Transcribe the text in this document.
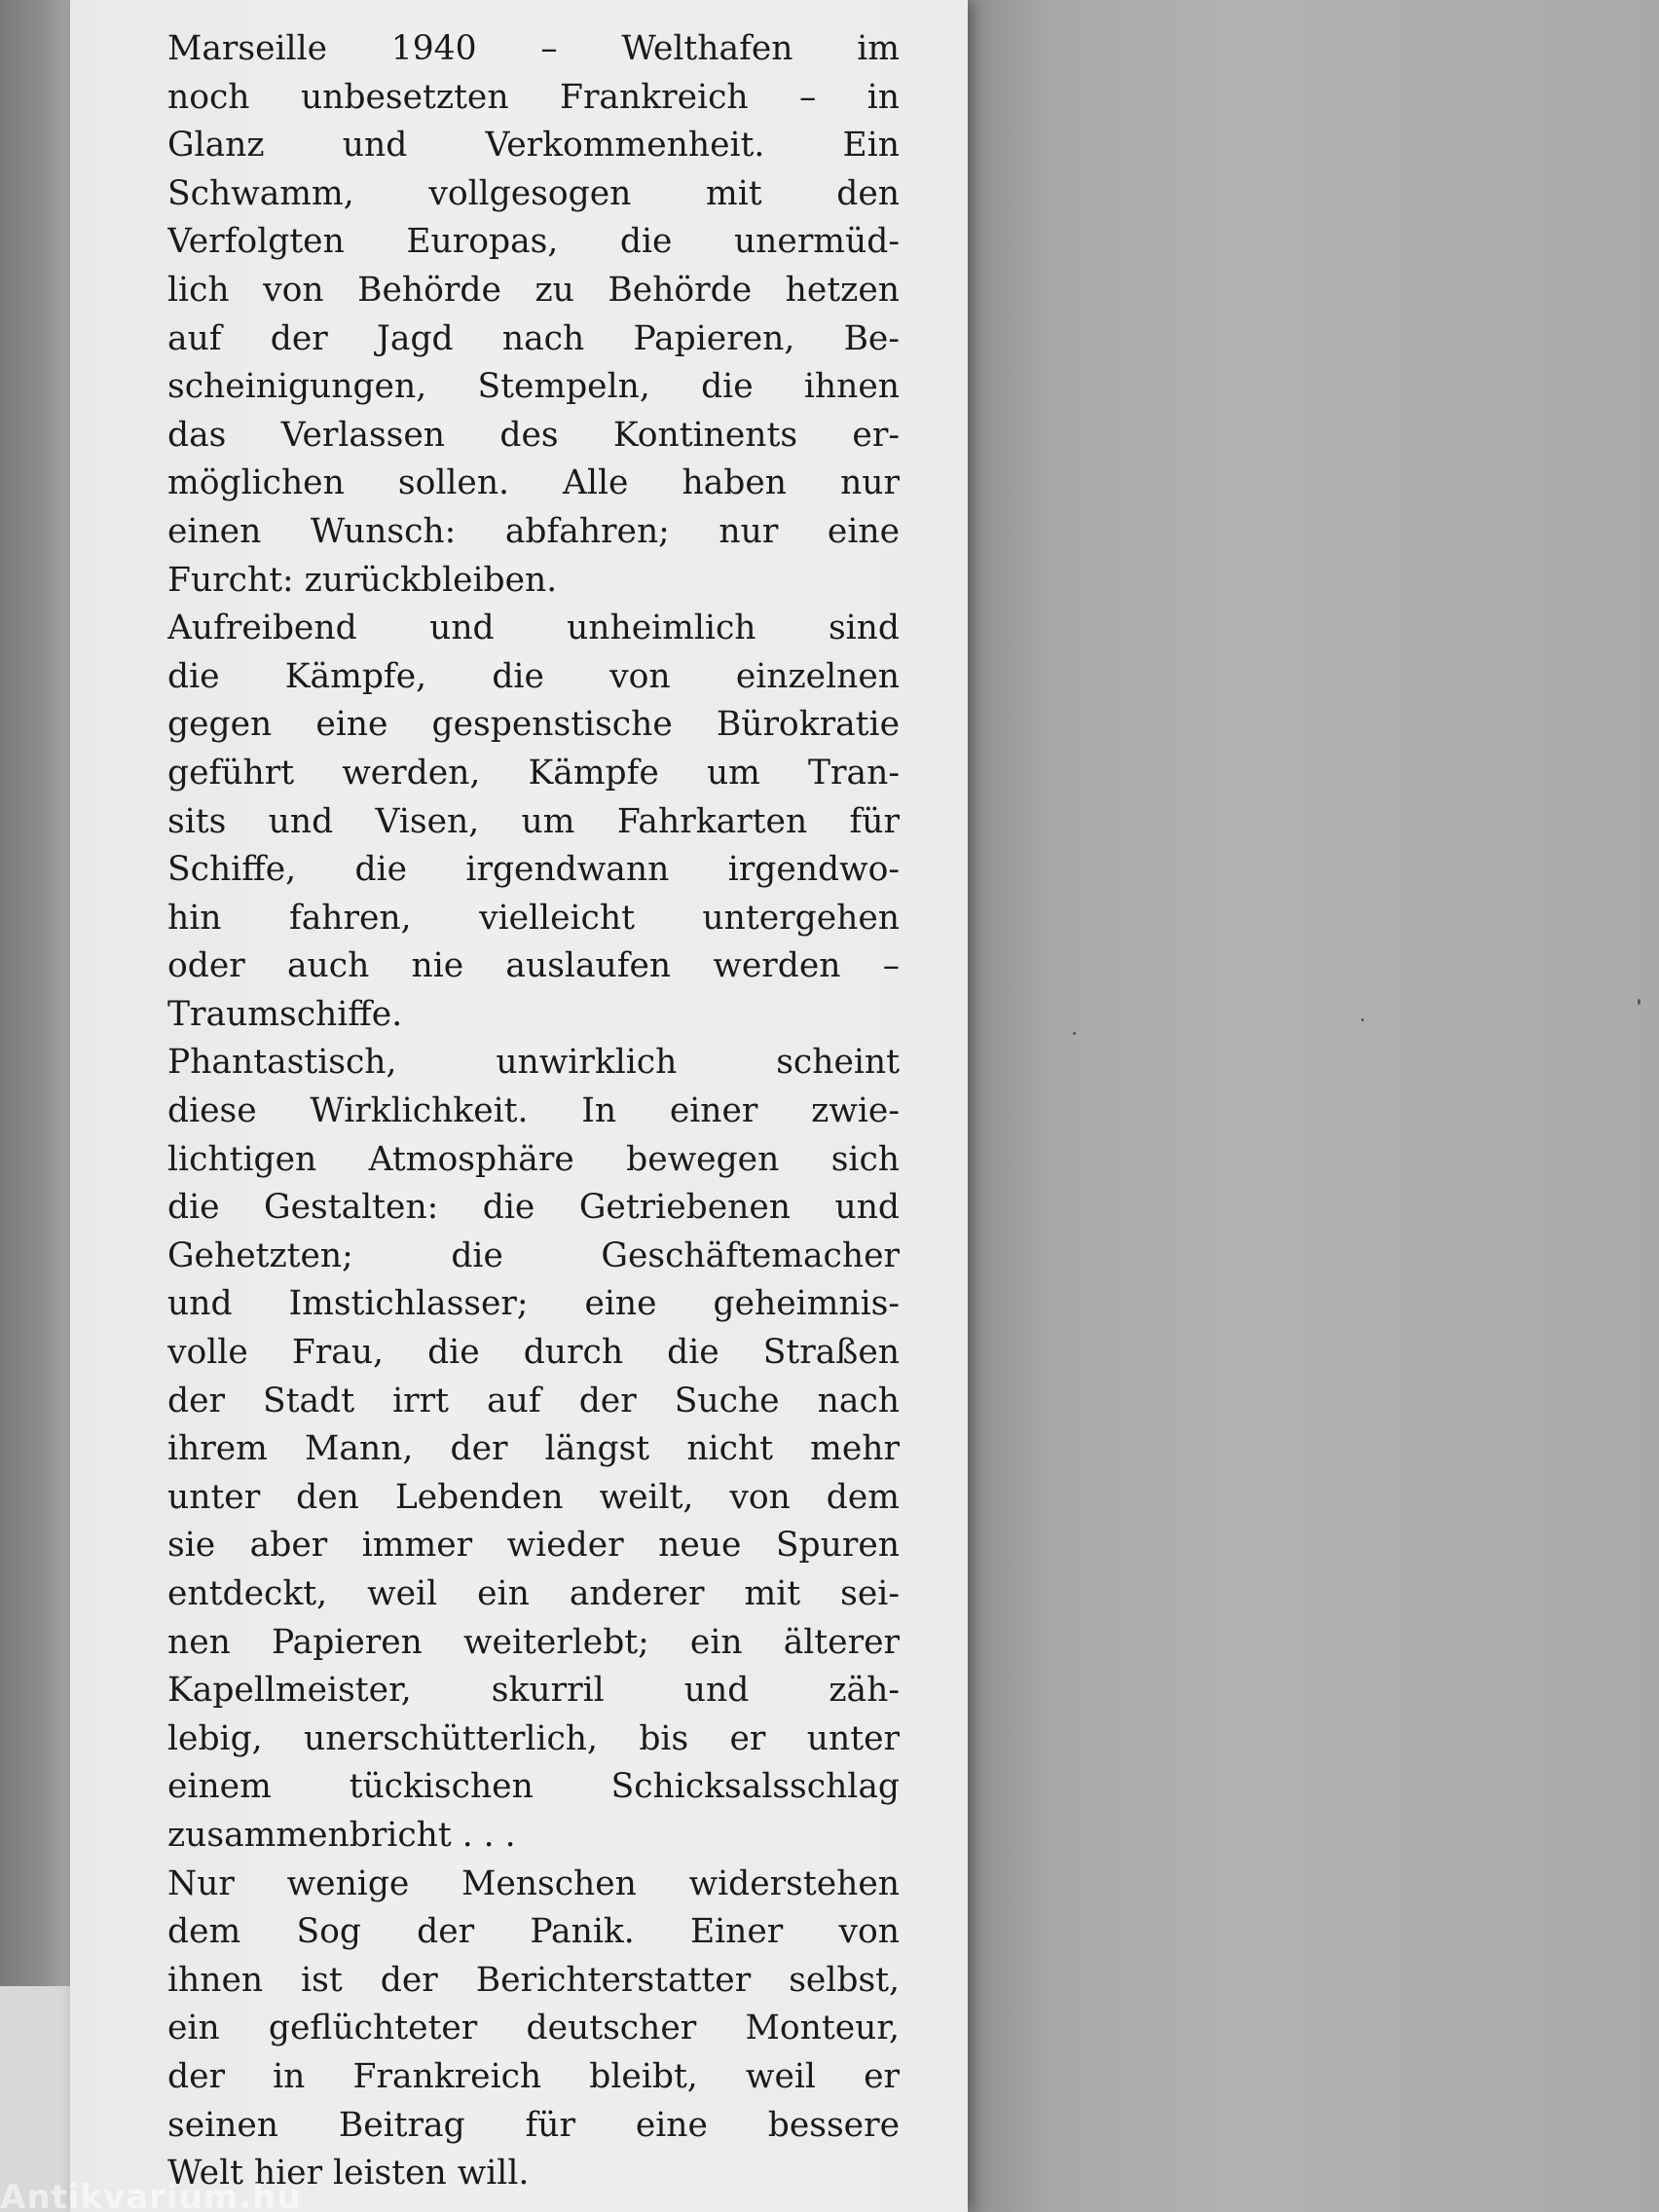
Marseille 1940 – Welthafen im
noch unbesetzten Frankreich – in
Glanz und Verkommenheit. Ein
Schwamm, vollgesogen mit den
Verfolgten Europas, die unermüd-
lich von Behörde zu Behörde hetzen
auf der Jagd nach Papieren, Be-
scheinigungen, Stempeln, die ihnen
das Verlassen des Kontinents er-
möglichen sollen. Alle haben nur
einen Wunsch: abfahren; nur eine
Furcht: zurückbleiben.

Aufreibend und unheimlich sind
die Kämpfe, die von einzelnen
gegen eine gespenstische Bürokratie
geführt werden, Kämpfe um Tran-
sits und Visen, um Fahrkarten für
Schiffe, die irgendwann irgendwo-
hin fahren, vielleicht untergehen
oder auch nie auslaufen werden –
Traumschiffe.

Phantastisch, unwirklich scheint
diese Wirklichkeit. In einer zwie-
lichtigen Atmosphäre bewegen sich
die Gestalten: die Getriebenen und
Gehetzten; die Geschäftemacher
und Imstichlasser; eine geheimnis-
volle Frau, die durch die Straßen
der Stadt irrt auf der Suche nach
ihrem Mann, der längst nicht mehr
unter den Lebenden weilt, von dem
sie aber immer wieder neue Spuren
entdeckt, weil ein anderer mit sei-
nen Papieren weiterlebt; ein älterer
Kapellmeister, skurril und zäh-
lebig, unerschütterlich, bis er unter
einem tückischen Schicksalsschlag
zusammenbricht . . .

Nur wenige Menschen widerstehen
dem Sog der Panik. Einer von
ihnen ist der Berichterstatter selbst,
ein geflüchteter deutscher Monteur,
der in Frankreich bleibt, weil er
seinen Beitrag für eine bessere
Welt hier leisten will.

Antikvarium.hu
